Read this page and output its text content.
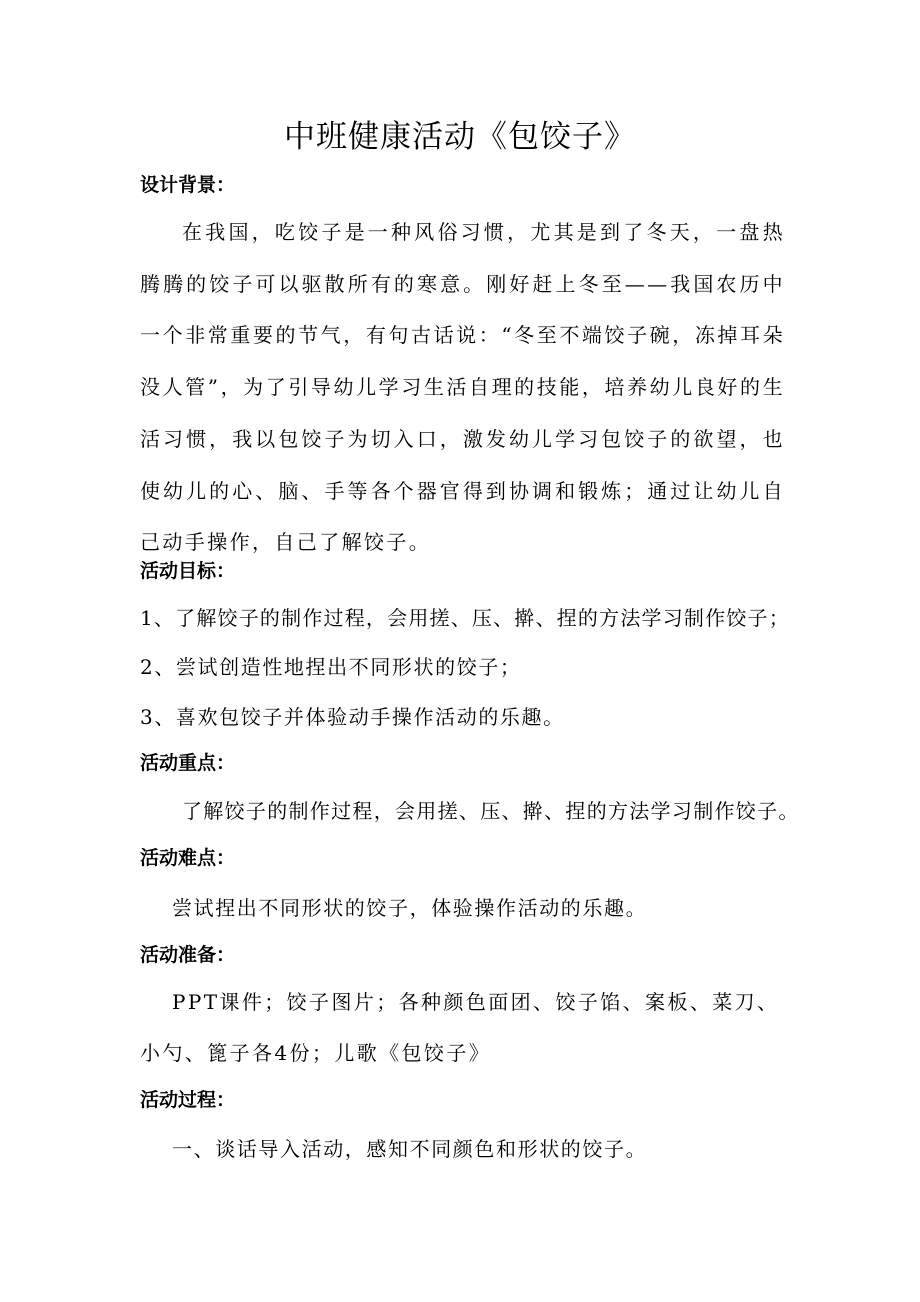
中班健康活动《包饺子》
设计背景：

在我国，吃饺子是一种风俗习惯，尤其是到了冬天，一盘热腾腾的饺子可以驱散所有的寒意。刚好赶上冬至——我国农历中一个非常重要的节气，有句古话说：“冬至不端饺子碗，冻掉耳朵没人管”，为了引导幼儿学习生活自理的技能，培养幼儿良好的生活习惯，我以包饺子为切入口，激发幼儿学习包饺子的欲望，也使幼儿的心、脑、手等各个器官得到协调和锻炼；通过让幼儿自己动手操作，自己了解饺子。

活动目标：
1、了解饺子的制作过程，会用搓、压、擀、捏的方法学习制作饺子；
2、尝试创造性地捏出不同形状的饺子；
3、喜欢包饺子并体验动手操作活动的乐趣。
活动重点：
了解饺子的制作过程，会用搓、压、擀、捏的方法学习制作饺子。
活动难点：
尝试捏出不同形状的饺子，体验操作活动的乐趣。
活动准备：

PPT课件；饺子图片；各种颜色面团、饺子馅、案板、菜刀、小勺、篦子各4份；儿歌《包饺子》

活动过程：
一、谈话导入活动，感知不同颜色和形状的饺子。
